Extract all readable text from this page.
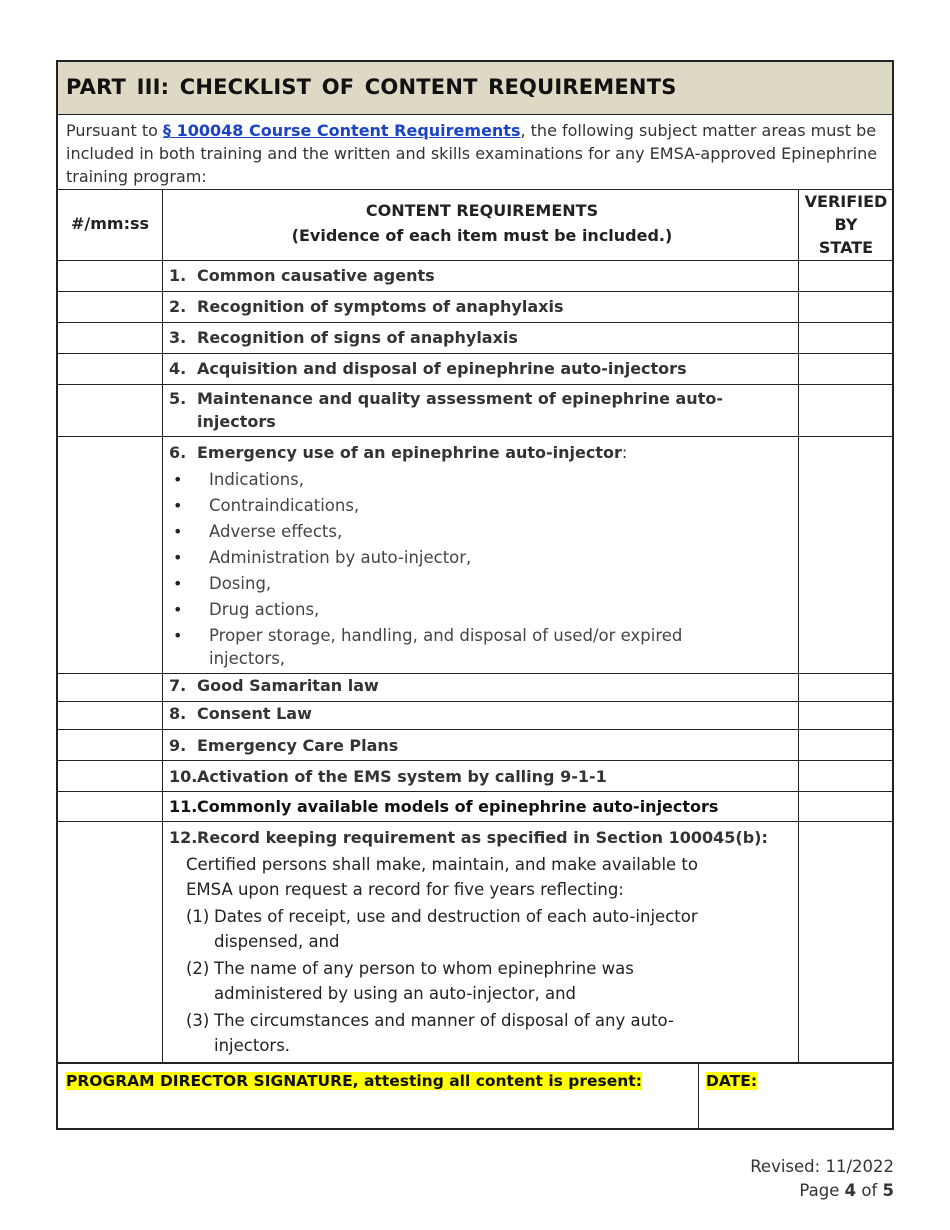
PART III: CHECKLIST OF CONTENT REQUIREMENTS
Pursuant to § 100048 Course Content Requirements, the following subject matter areas must be included in both training and the written and skills examinations for any EMSA-approved Epinephrine training program:
#/mm:ss
CONTENT REQUIREMENTS
(Evidence of each item must be included.)
VERIFIED
BY
STATE
1. Common causative agents
2. Recognition of symptoms of anaphylaxis
3. Recognition of signs of anaphylaxis
4. Acquisition and disposal of epinephrine auto-injectors
5. Maintenance and quality assessment of epinephrine auto-
injectors
6. Emergency use of an epinephrine auto-injector:
•	Indications,
•	Contraindications,
•	Adverse effects,
•	Administration by auto-injector,
•	Dosing,
•	Drug actions,
•	Proper storage, handling, and disposal of used/or expired
injectors,
7. Good Samaritan law
8. Consent Law
9. Emergency Care Plans
10.Activation of the EMS system by calling 9-1-1
11.Commonly available models of epinephrine auto-injectors
12.Record keeping requirement as specified in Section 100045(b):
Certified persons shall make, maintain, and make available to
EMSA upon request a record for five years reflecting:
(1) Dates of receipt, use and destruction of each auto-injector
dispensed, and
(2) The name of any person to whom epinephrine was
administered by using an auto-injector, and
(3) The circumstances and manner of disposal of any auto-
injectors.
PROGRAM DIRECTOR SIGNATURE, attesting all content is present:	DATE:
Revised: 11/2022
Page 4 of 5
